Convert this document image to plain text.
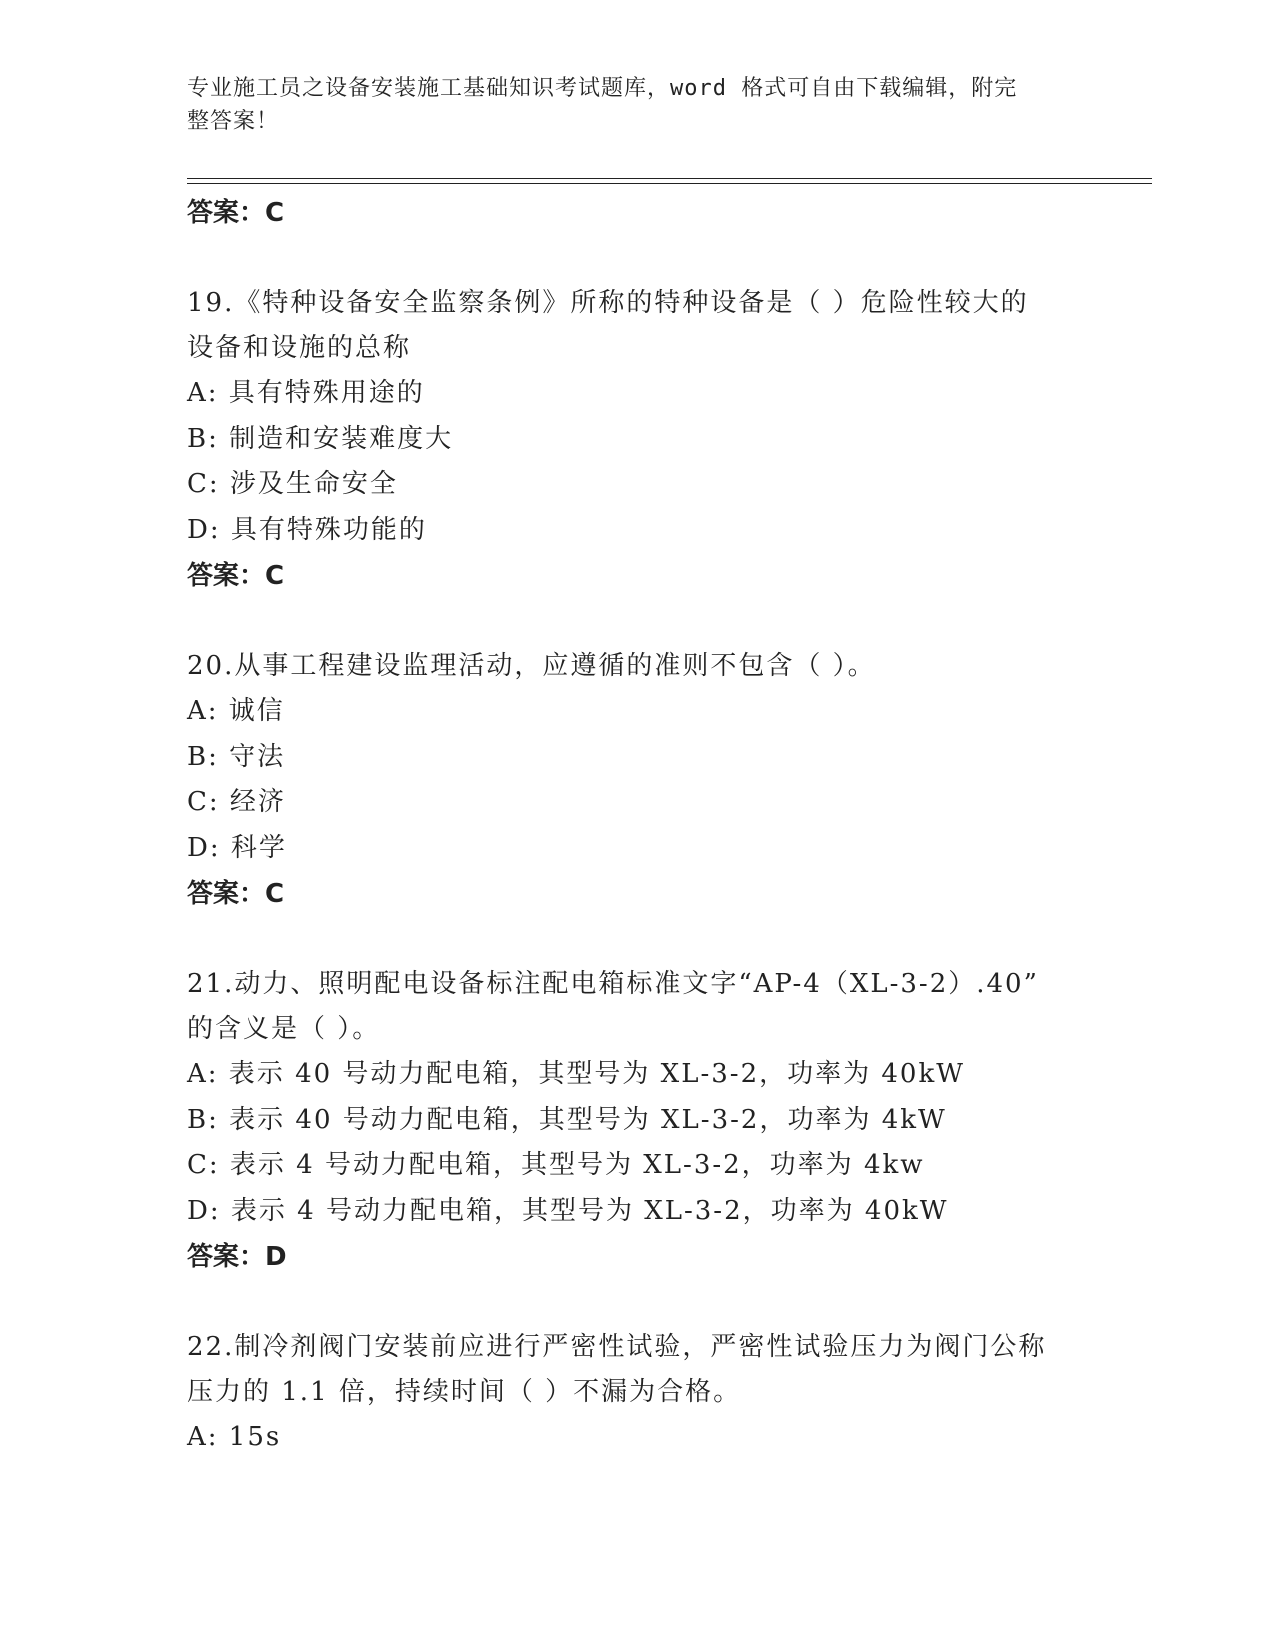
专业施工员之设备安装施工基础知识考试题库，word 格式可自由下载编辑，附完
整答案！
答案：C
19.《特种设备安全监察条例》所称的特种设备是（ ）危险性较大的
设备和设施的总称
A: 具有特殊用途的
B: 制造和安装难度大
C: 涉及生命安全
D: 具有特殊功能的
答案：C
20.从事工程建设监理活动，应遵循的准则不包含（ ）。
A: 诚信
B: 守法
C: 经济
D: 科学
答案：C
21.动力、照明配电设备标注配电箱标准文字“AP-4（XL-3-2）.40”
的含义是（ ）。
A: 表示 40 号动力配电箱，其型号为 XL-3-2，功率为 40kW
B: 表示 40 号动力配电箱，其型号为 XL-3-2，功率为 4kW
C: 表示 4 号动力配电箱，其型号为 XL-3-2，功率为 4kw
D: 表示 4 号动力配电箱，其型号为 XL-3-2，功率为 40kW
答案：D
22.制冷剂阀门安装前应进行严密性试验，严密性试验压力为阀门公称
压力的 1.1 倍，持续时间（ ）不漏为合格。
A: 15s
